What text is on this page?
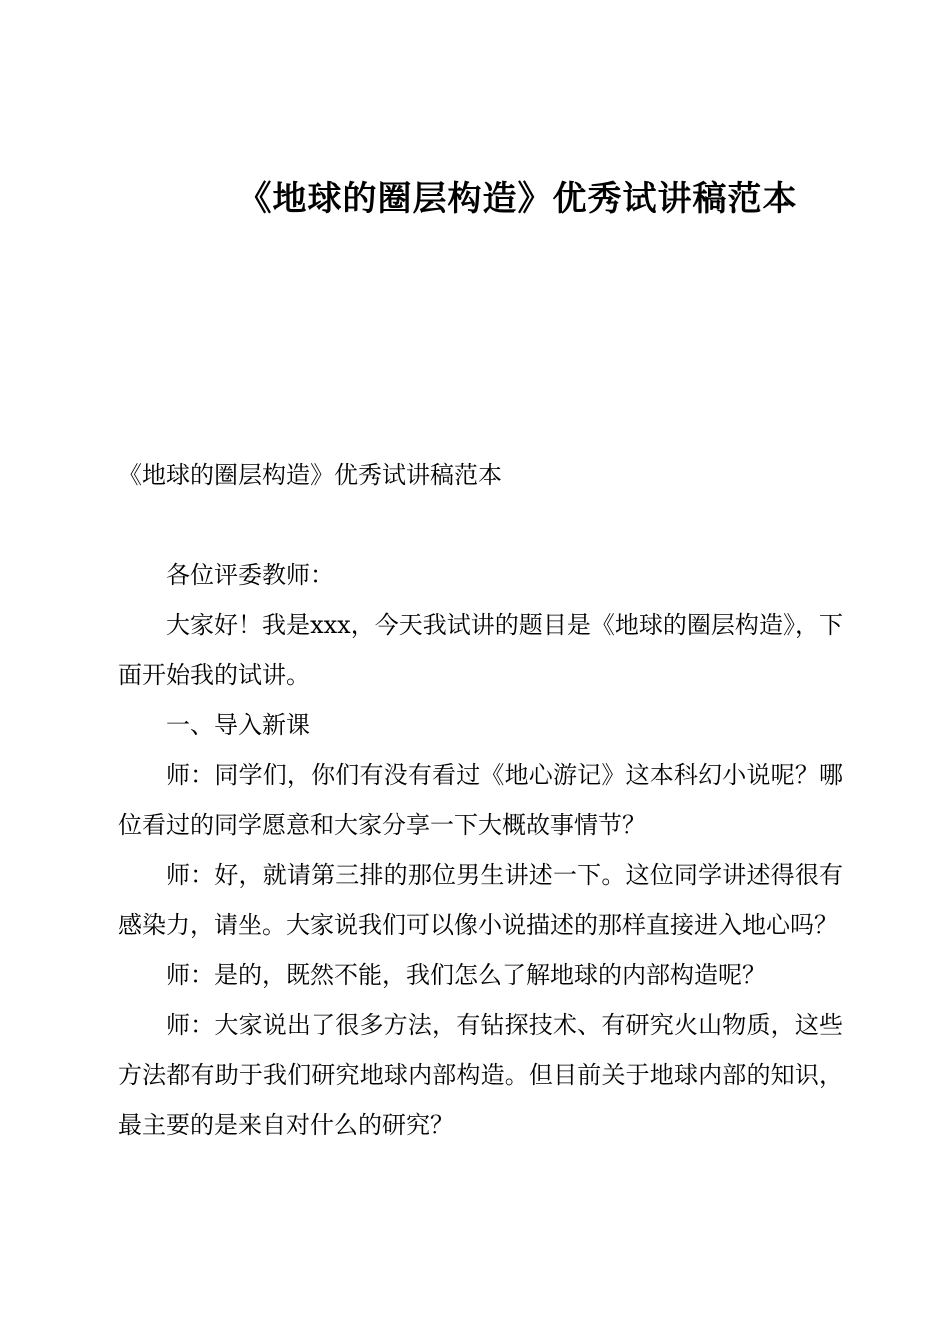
《地球的圈层构造》优秀试讲稿范本

《地球的圈层构造》优秀试讲稿范本

各位评委教师：

大家好！我是xxx，今天我试讲的题目是《地球的圈层构造》，下面开始我的试讲。

一、导入新课

师：同学们，你们有没有看过《地心游记》这本科幻小说呢？哪位看过的同学愿意和大家分享一下大概故事情节？

师：好，就请第三排的那位男生讲述一下。这位同学讲述得很有感染力，请坐。大家说我们可以像小说描述的那样直接进入地心吗？

师：是的，既然不能，我们怎么了解地球的内部构造呢？

师：大家说出了很多方法，有钻探技术、有研究火山物质，这些方法都有助于我们研究地球内部构造。但目前关于地球内部的知识，最主要的是来自对什么的研究？
